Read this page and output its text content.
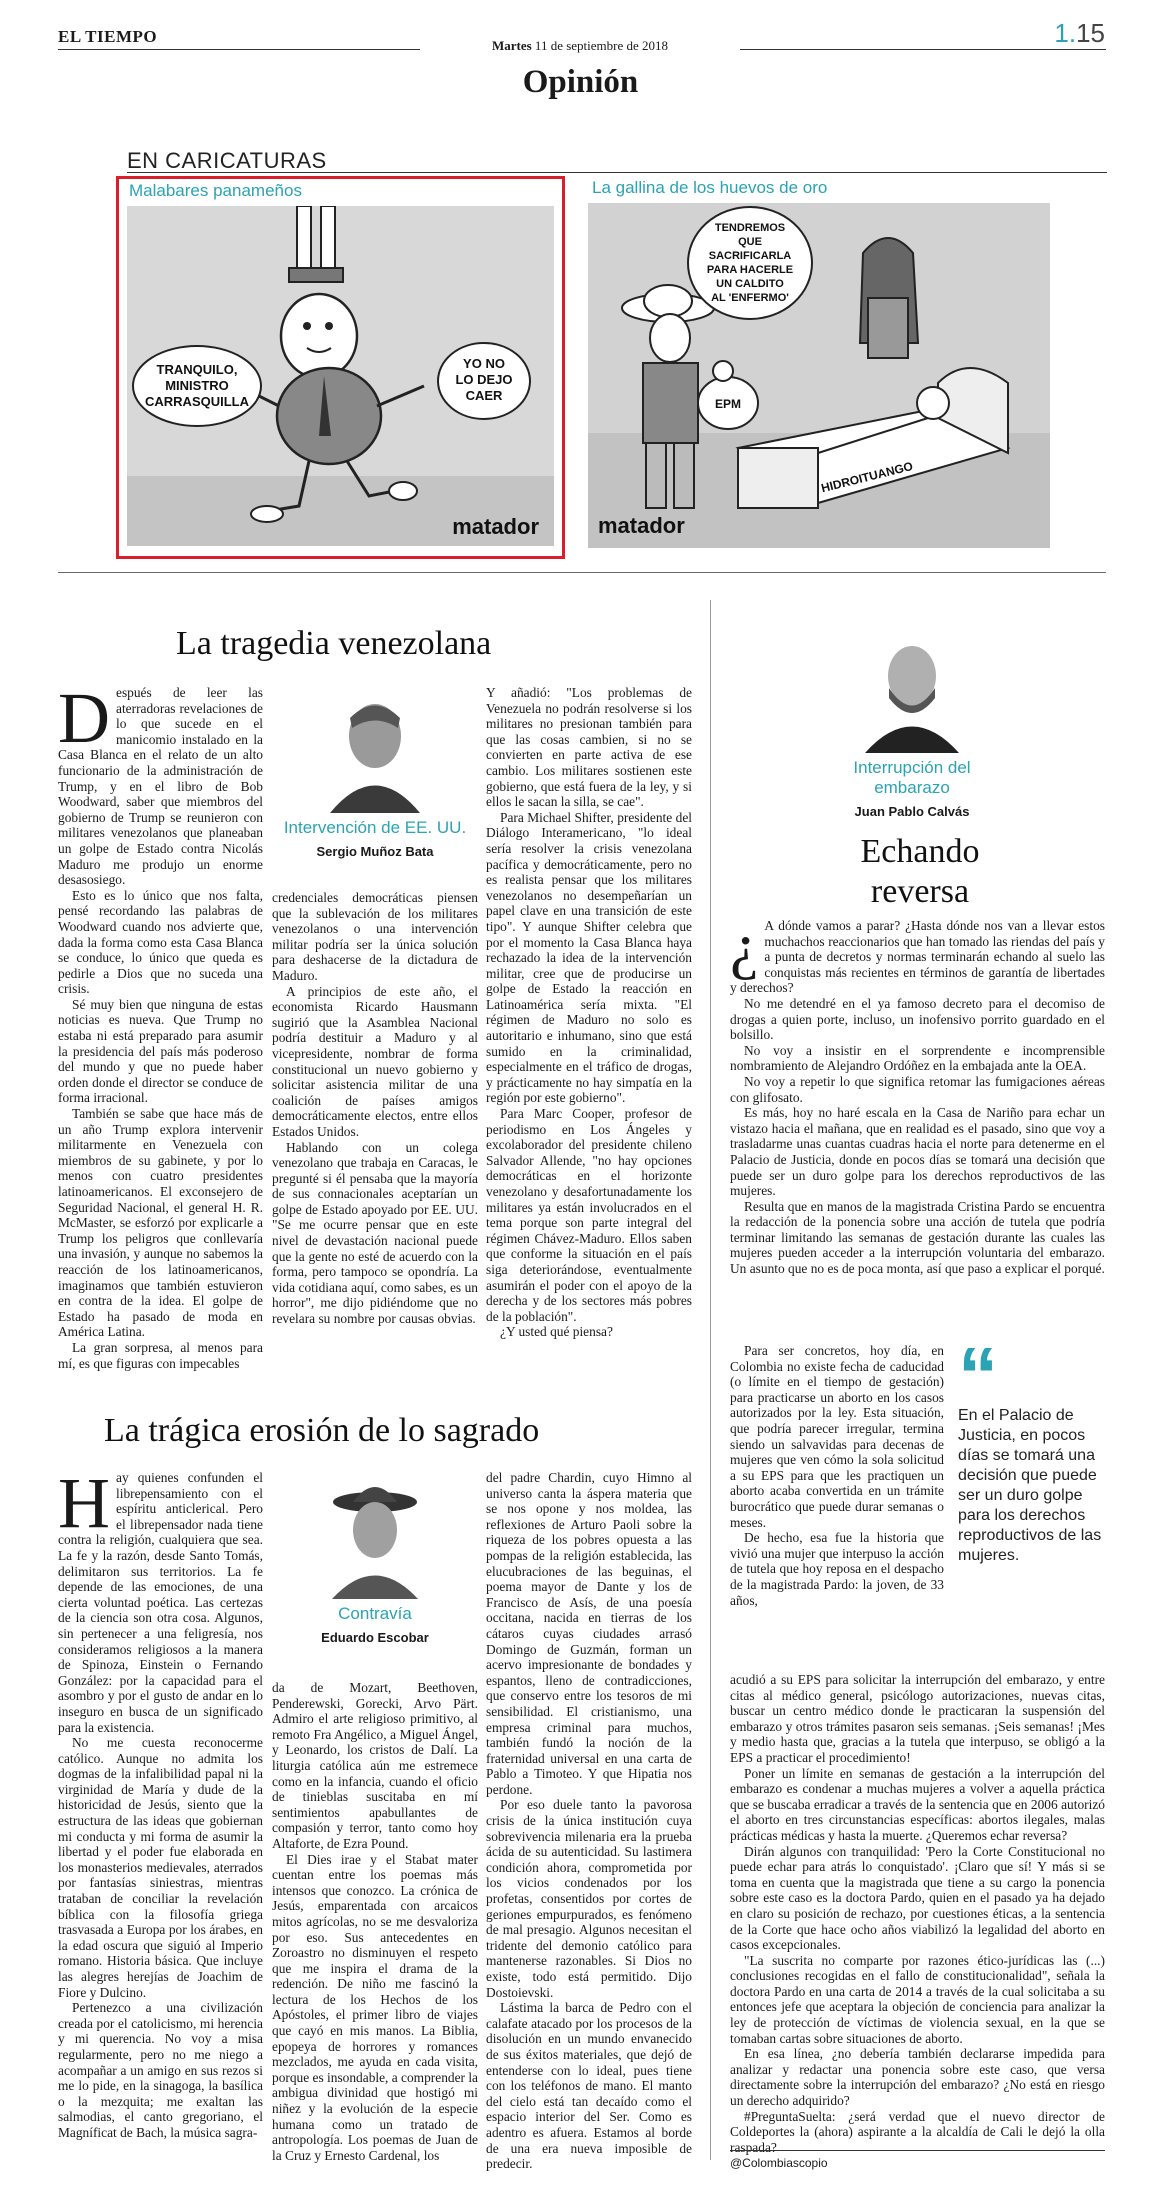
EL TIEMPO	Martes 11 de septiembre de 2018	1.15
Opinión
EN CARICATURAS
Malabares panameños
TRANQUILO,
MINISTRO
CARRASQUILLA
YO NO
LO DEJO
CAER
matador
La gallina de los huevos de oro
EPM
TENDREMOS
QUE
SACRIFICARLA
PARA HACERLE
UN CALDITO
AL 'ENFERMO'
HIDROITUANGO
matador
La tragedia venezolana

Después de leer las aterradoras revelaciones de lo que sucede en el manicomio instalado en la Casa Blanca en el relato de un alto funcionario de la administración de Trump, y en el libro de Bob Woodward, saber que miembros del gobierno de Trump se reunieron con militares venezolanos que planeaban un golpe de Estado contra Nicolás Maduro me produjo un enorme desasosiego.

Esto es lo único que nos falta, pensé recordando las palabras de Woodward cuando nos advierte que, dada la forma como esta Casa Blanca se conduce, lo único que queda es pedirle a Dios que no suceda una crisis.

Sé muy bien que ninguna de estas noticias es nueva. Que Trump no estaba ni está preparado para asumir la presidencia del país más poderoso del mundo y que no puede haber orden donde el director se conduce de forma irracional.

También se sabe que hace más de un año Trump explora intervenir militarmente en Venezuela con miembros de su gabinete, y por lo menos con cuatro presidentes latinoamericanos. El exconsejero de Seguridad Nacional, el general H. R. McMaster, se esforzó por explicarle a Trump los peligros que conllevaría una invasión, y aunque no sabemos la reacción de los latinoamericanos, imaginamos que también estuvieron en contra de la idea. El golpe de Estado ha pasado de moda en América Latina.

La gran sorpresa, al menos para mí, es que figuras con impecables

Intervención de EE. UU.
Sergio Muñoz Bata

credenciales democráticas piensen que la sublevación de los militares venezolanos o una intervención militar podría ser la única solución para deshacerse de la dictadura de Maduro.

A principios de este año, el economista Ricardo Hausmann sugirió que la Asamblea Nacional podría destituir a Maduro y al vicepresidente, nombrar de forma constitucional un nuevo gobierno y solicitar asistencia militar de una coalición de países amigos democráticamente electos, entre ellos Estados Unidos.

Hablando con un colega venezolano que trabaja en Caracas, le pregunté si él pensaba que la mayoría de sus connacionales aceptarían un golpe de Estado apoyado por EE. UU. "Se me ocurre pensar que en este nivel de devastación nacional puede que la gente no esté de acuerdo con la forma, pero tampoco se opondría. La vida cotidiana aquí, como sabes, es un horror", me dijo pidiéndome que no revelara su nombre por causas obvias.

Y añadió: "Los problemas de Venezuela no podrán resolverse si los militares no presionan también para que las cosas cambien, si no se convierten en parte activa de ese cambio. Los militares sostienen este gobierno, que está fuera de la ley, y si ellos le sacan la silla, se cae".

Para Michael Shifter, presidente del Diálogo Interamericano, "lo ideal sería resolver la crisis venezolana pacífica y democráticamente, pero no es realista pensar que los militares venezolanos no desempeñarían un papel clave en una transición de este tipo". Y aunque Shifter celebra que por el momento la Casa Blanca haya rechazado la idea de la intervención militar, cree que de producirse un golpe de Estado la reacción en Latinoamérica sería mixta. "El régimen de Maduro no solo es autoritario e inhumano, sino que está sumido en la criminalidad, especialmente en el tráfico de drogas, y prácticamente no hay simpatía en la región por este gobierno".

Para Marc Cooper, profesor de periodismo en Los Ángeles y excolaborador del presidente chileno Salvador Allende, "no hay opciones democráticas en el horizonte venezolano y desafortunadamente los militares ya están involucrados en el tema porque son parte integral del régimen Chávez-Maduro. Ellos saben que conforme la situación en el país siga deteriorándose, eventualmente asumirán el poder con el apoyo de la derecha y de los sectores más pobres de la población".

¿Y usted qué piensa?

La trágica erosión de lo sagrado

Hay quienes confunden el librepensamiento con el espíritu anticlerical. Pero el librepensador nada tiene contra la religión, cualquiera que sea. La fe y la razón, desde Santo Tomás, delimitaron sus territorios. La fe depende de las emociones, de una cierta voluntad poética. Las certezas de la ciencia son otra cosa. Algunos, sin pertenecer a una feligresía, nos consideramos religiosos a la manera de Spinoza, Einstein o Fernando González: por la capacidad para el asombro y por el gusto de andar en lo inseguro en busca de un significado para la existencia.

No me cuesta reconocerme católico. Aunque no admita los dogmas de la infalibilidad papal ni la virginidad de María y dude de la historicidad de Jesús, siento que la estructura de las ideas que gobiernan mi conducta y mi forma de asumir la libertad y el poder fue elaborada en los monasterios medievales, aterrados por fantasías siniestras, mientras trataban de conciliar la revelación bíblica con la filosofía griega trasvasada a Europa por los árabes, en la edad oscura que siguió al Imperio romano. Historia básica. Que incluye las alegres herejías de Joachim de Fiore y Dulcino.

Pertenezco a una civilización creada por el catolicismo, mi herencia y mi querencia. No voy a misa regularmente, pero no me niego a acompañar a un amigo en sus rezos si me lo pide, en la sinagoga, la basílica o la mezquita; me exaltan las salmodias, el canto gregoriano, el Magníficat de Bach, la música sagra-

Contravía
Eduardo Escobar

da de Mozart, Beethoven, Penderewski, Gorecki, Arvo Pärt. Admiro el arte religioso primitivo, al remoto Fra Angélico, a Miguel Ángel, y Leonardo, los cristos de Dalí. La liturgia católica aún me estremece como en la infancia, cuando el oficio de tinieblas suscitaba en mí sentimientos apabullantes de compasión y terror, tanto como hoy Altaforte, de Ezra Pound.

El Dies irae y el Stabat mater cuentan entre los poemas más intensos que conozco. La crónica de Jesús, emparentada con arcaicos mitos agrícolas, no se me desvaloriza por eso. Sus antecedentes en Zoroastro no disminuyen el respeto que me inspira el drama de la redención. De niño me fascinó la lectura de los Hechos de los Apóstoles, el primer libro de viajes que cayó en mis manos. La Biblia, epopeya de horrores y romances mezclados, me ayuda en cada visita, porque es insondable, a comprender la ambigua divinidad que hostigó mi niñez y la evolución de la especie humana como un tratado de antropología. Los poemas de Juan de la Cruz y Ernesto Cardenal, los

del padre Chardin, cuyo Himno al universo canta la áspera materia que se nos opone y nos moldea, las reflexiones de Arturo Paoli sobre la riqueza de los pobres opuesta a las pompas de la religión establecida, las elucubraciones de las beguinas, el poema mayor de Dante y los de Francisco de Asís, de una poesía occitana, nacida en tierras de los cátaros cuyas ciudades arrasó Domingo de Guzmán, forman un acervo impresionante de bondades y espantos, lleno de contradicciones, que conservo entre los tesoros de mi sensibilidad. El cristianismo, una empresa criminal para muchos, también fundó la noción de la fraternidad universal en una carta de Pablo a Timoteo. Y que Hipatia nos perdone.

Por eso duele tanto la pavorosa crisis de la única institución cuya sobrevivencia milenaria era la prueba ácida de su autenticidad. Su lastimera condición ahora, comprometida por los vicios condenados por los profetas, consentidos por cortes de geriones empurpurados, es fenómeno de mal presagio. Algunos necesitan el tridente del demonio católico para mantenerse razonables. Si Dios no existe, todo está permitido. Dijo Dostoievski.

Lástima la barca de Pedro con el calafate atacado por los procesos de la disolución en un mundo envanecido de sus éxitos materiales, que dejó de entenderse con lo ideal, pues tiene con los teléfonos de mano. El manto del cielo está tan decaído como el espacio interior del Ser. Como es adentro es afuera. Estamos al borde de una era nueva imposible de predecir.

Interrupción del embarazo
Juan Pablo Calvás
Echando
reversa

¿ A dónde vamos a parar? ¿Hasta dónde nos van a llevar estos muchachos reaccionarios que han tomado las riendas del país y a punta de decretos y normas terminarán echando al suelo las conquistas más recientes en términos de garantía de libertades y derechos?

No me detendré en el ya famoso decreto para el decomiso de drogas a quien porte, incluso, un inofensivo porrito guardado en el bolsillo.

No voy a insistir en el sorprendente e incomprensible nombramiento de Alejandro Ordóñez en la embajada ante la OEA.

No voy a repetir lo que significa retomar las fumigaciones aéreas con glifosato.

Es más, hoy no haré escala en la Casa de Nariño para echar un vistazo hacia el mañana, que en realidad es el pasado, sino que voy a trasladarme unas cuantas cuadras hacia el norte para detenerme en el Palacio de Justicia, donde en pocos días se tomará una decisión que puede ser un duro golpe para los derechos reproductivos de las mujeres.

Resulta que en manos de la magistrada Cristina Pardo se encuentra la redacción de la ponencia sobre una acción de tutela que podría terminar limitando las semanas de gestación durante las cuales las mujeres pueden acceder a la interrupción voluntaria del embarazo. Un asunto que no es de poca monta, así que paso a explicar el porqué.

Para ser concretos, hoy día, en Colombia no existe fecha de caducidad (o límite en el tiempo de gestación) para practicarse un aborto en los casos autorizados por la ley. Esta situación, que podría parecer irregular, termina siendo un salvavidas para decenas de mujeres que ven cómo la sola solicitud a su EPS para que les practiquen un aborto acaba convertida en un trámite burocrático que puede durar semanas o meses.

De hecho, esa fue la historia que vivió una mujer que interpuso la acción de tutela que hoy reposa en el despacho de la magistrada Pardo: la joven, de 33 años,

“
En el Palacio de Justicia, en pocos días se tomará una decisión que puede ser un duro golpe para los derechos reproductivos de las mujeres.

acudió a su EPS para solicitar la interrupción del embarazo, y entre citas al médico general, psicólogo autorizaciones, nuevas citas, buscar un centro médico donde le practicaran la suspensión del embarazo y otros trámites pasaron seis semanas. ¡Seis semanas! ¡Mes y medio hasta que, gracias a la tutela que interpuso, se obligó a la EPS a practicar el procedimiento!

Poner un límite en semanas de gestación a la interrupción del embarazo es condenar a muchas mujeres a volver a aquella práctica que se buscaba erradicar a través de la sentencia que en 2006 autorizó el aborto en tres circunstancias específicas: abortos ilegales, malas prácticas médicas y hasta la muerte. ¿Queremos echar reversa?

Dirán algunos con tranquilidad: 'Pero la Corte Constitucional no puede echar para atrás lo conquistado'. ¡Claro que sí! Y más si se toma en cuenta que la magistrada que tiene a su cargo la ponencia sobre este caso es la doctora Pardo, quien en el pasado ya ha dejado en claro su posición de rechazo, por cuestiones éticas, a la sentencia de la Corte que hace ocho años viabilizó la legalidad del aborto en casos excepcionales.

"La suscrita no comparte por razones ético-jurídicas las (...) conclusiones recogidas en el fallo de constitucionalidad", señala la doctora Pardo en una carta de 2014 a través de la cual solicitaba a su entonces jefe que aceptara la objeción de conciencia para analizar la ley de protección de víctimas de violencia sexual, en la que se tomaban cartas sobre situaciones de aborto.

En esa línea, ¿no debería también declararse impedida para analizar y redactar una ponencia sobre este caso, que versa directamente sobre la interrupción del embarazo? ¿No está en riesgo un derecho adquirido?

#PreguntaSuelta: ¿será verdad que el nuevo director de Coldeportes la (ahora) aspirante a la alcaldía de Cali le dejó la olla raspada?

@Colombiascopio
